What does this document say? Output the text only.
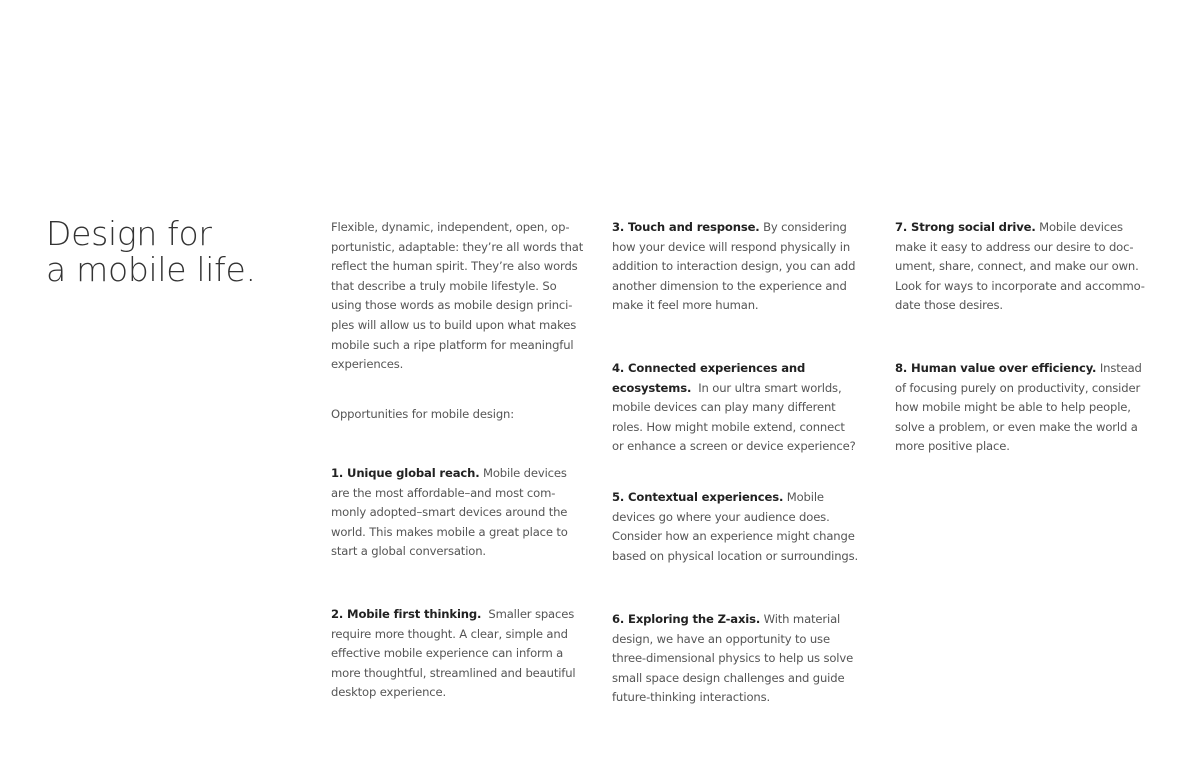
Design for
a mobile life.
Flexible, dynamic, independent, open, op-
portunistic, adaptable: they’re all words that
reflect the human spirit. They’re also words
that describe a truly mobile lifestyle. So
using those words as mobile design princi-
ples will allow us to build upon what makes
mobile such a ripe platform for meaningful
experiences.
Opportunities for mobile design:
1. Unique global reach. Mobile devices
are the most affordable–and most com-
monly adopted–smart devices around the
world. This makes mobile a great place to
start a global conversation.
2. Mobile first thinking.  Smaller spaces
require more thought. A clear, simple and
effective mobile experience can inform a
more thoughtful, streamlined and beautiful
desktop experience.
3. Touch and response. By considering
how your device will respond physically in
addition to interaction design, you can add
another dimension to the experience and
make it feel more human.
4. Connected experiences and
ecosystems.  In our ultra smart worlds,
mobile devices can play many different
roles. How might mobile extend, connect
or enhance a screen or device experience?
5. Contextual experiences. Mobile
devices go where your audience does.
Consider how an experience might change
based on physical location or surroundings.
6. Exploring the Z-axis. With material
design, we have an opportunity to use
three-dimensional physics to help us solve
small space design challenges and guide
future-thinking interactions.
7. Strong social drive. Mobile devices
make it easy to address our desire to doc-
ument, share, connect, and make our own.
Look for ways to incorporate and accommo-
date those desires.
8. Human value over efficiency. Instead
of focusing purely on productivity, consider
how mobile might be able to help people,
solve a problem, or even make the world a
more positive place.
